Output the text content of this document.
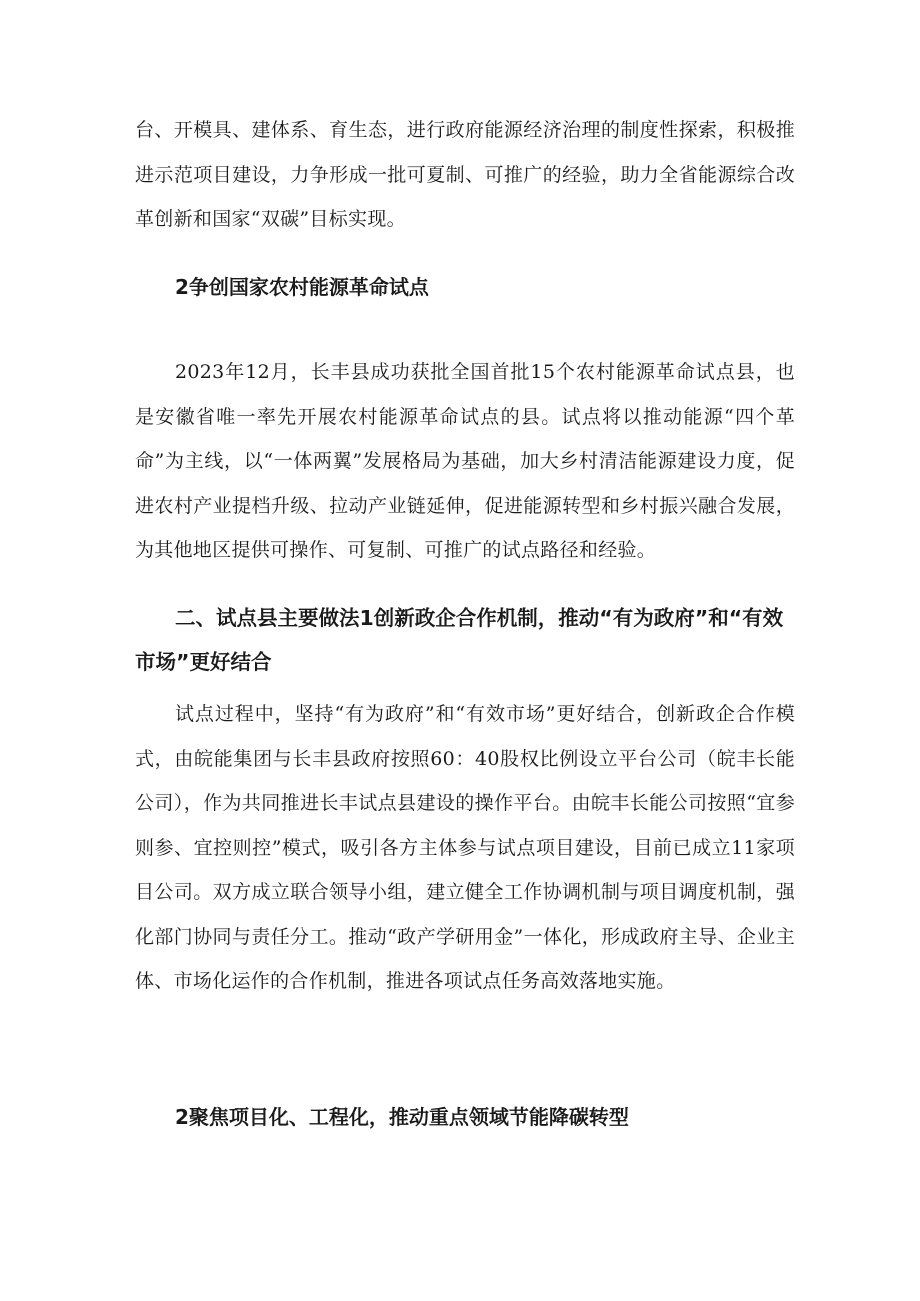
台、开模具、建体系、育生态，进行政府能源经济治理的制度性探索，积极推进示范项目建设，力争形成一批可夏制、可推广的经验，助力全省能源综合改革创新和国家“双碳”目标实现。

2争创国家农村能源革命试点

2023年12月，长丰县成功获批全国首批15个农村能源革命试点县，也是安徽省唯一率先开展农村能源革命试点的县。试点将以推动能源“四个革命”为主线，以“一体两翼”发展格局为基础，加大乡村清洁能源建设力度，促进农村产业提档升级、拉动产业链延伸，促进能源转型和乡村振兴融合发展，为其他地区提供可操作、可复制、可推广的试点路径和经验。

二、试点县主要做法1创新政企合作机制，推动“有为政府”和“有效市场”更好结合

试点过程中，坚持“有为政府”和“有效市场”更好结合，创新政企合作模式，由皖能集团与长丰县政府按照60：40股权比例设立平台公司（皖丰长能公司），作为共同推进长丰试点县建设的操作平台。由皖丰长能公司按照“宜参则参、宜控则控”模式，吸引各方主体参与试点项目建设，目前已成立11家项目公司。双方成立联合领导小组，建立健全工作协调机制与项目调度机制，强化部门协同与责任分工。推动“政产学研用金”一体化，形成政府主导、企业主体、市场化运作的合作机制，推进各项试点任务高效落地实施。

2聚焦项目化、工程化，推动重点领域节能降碳转型
